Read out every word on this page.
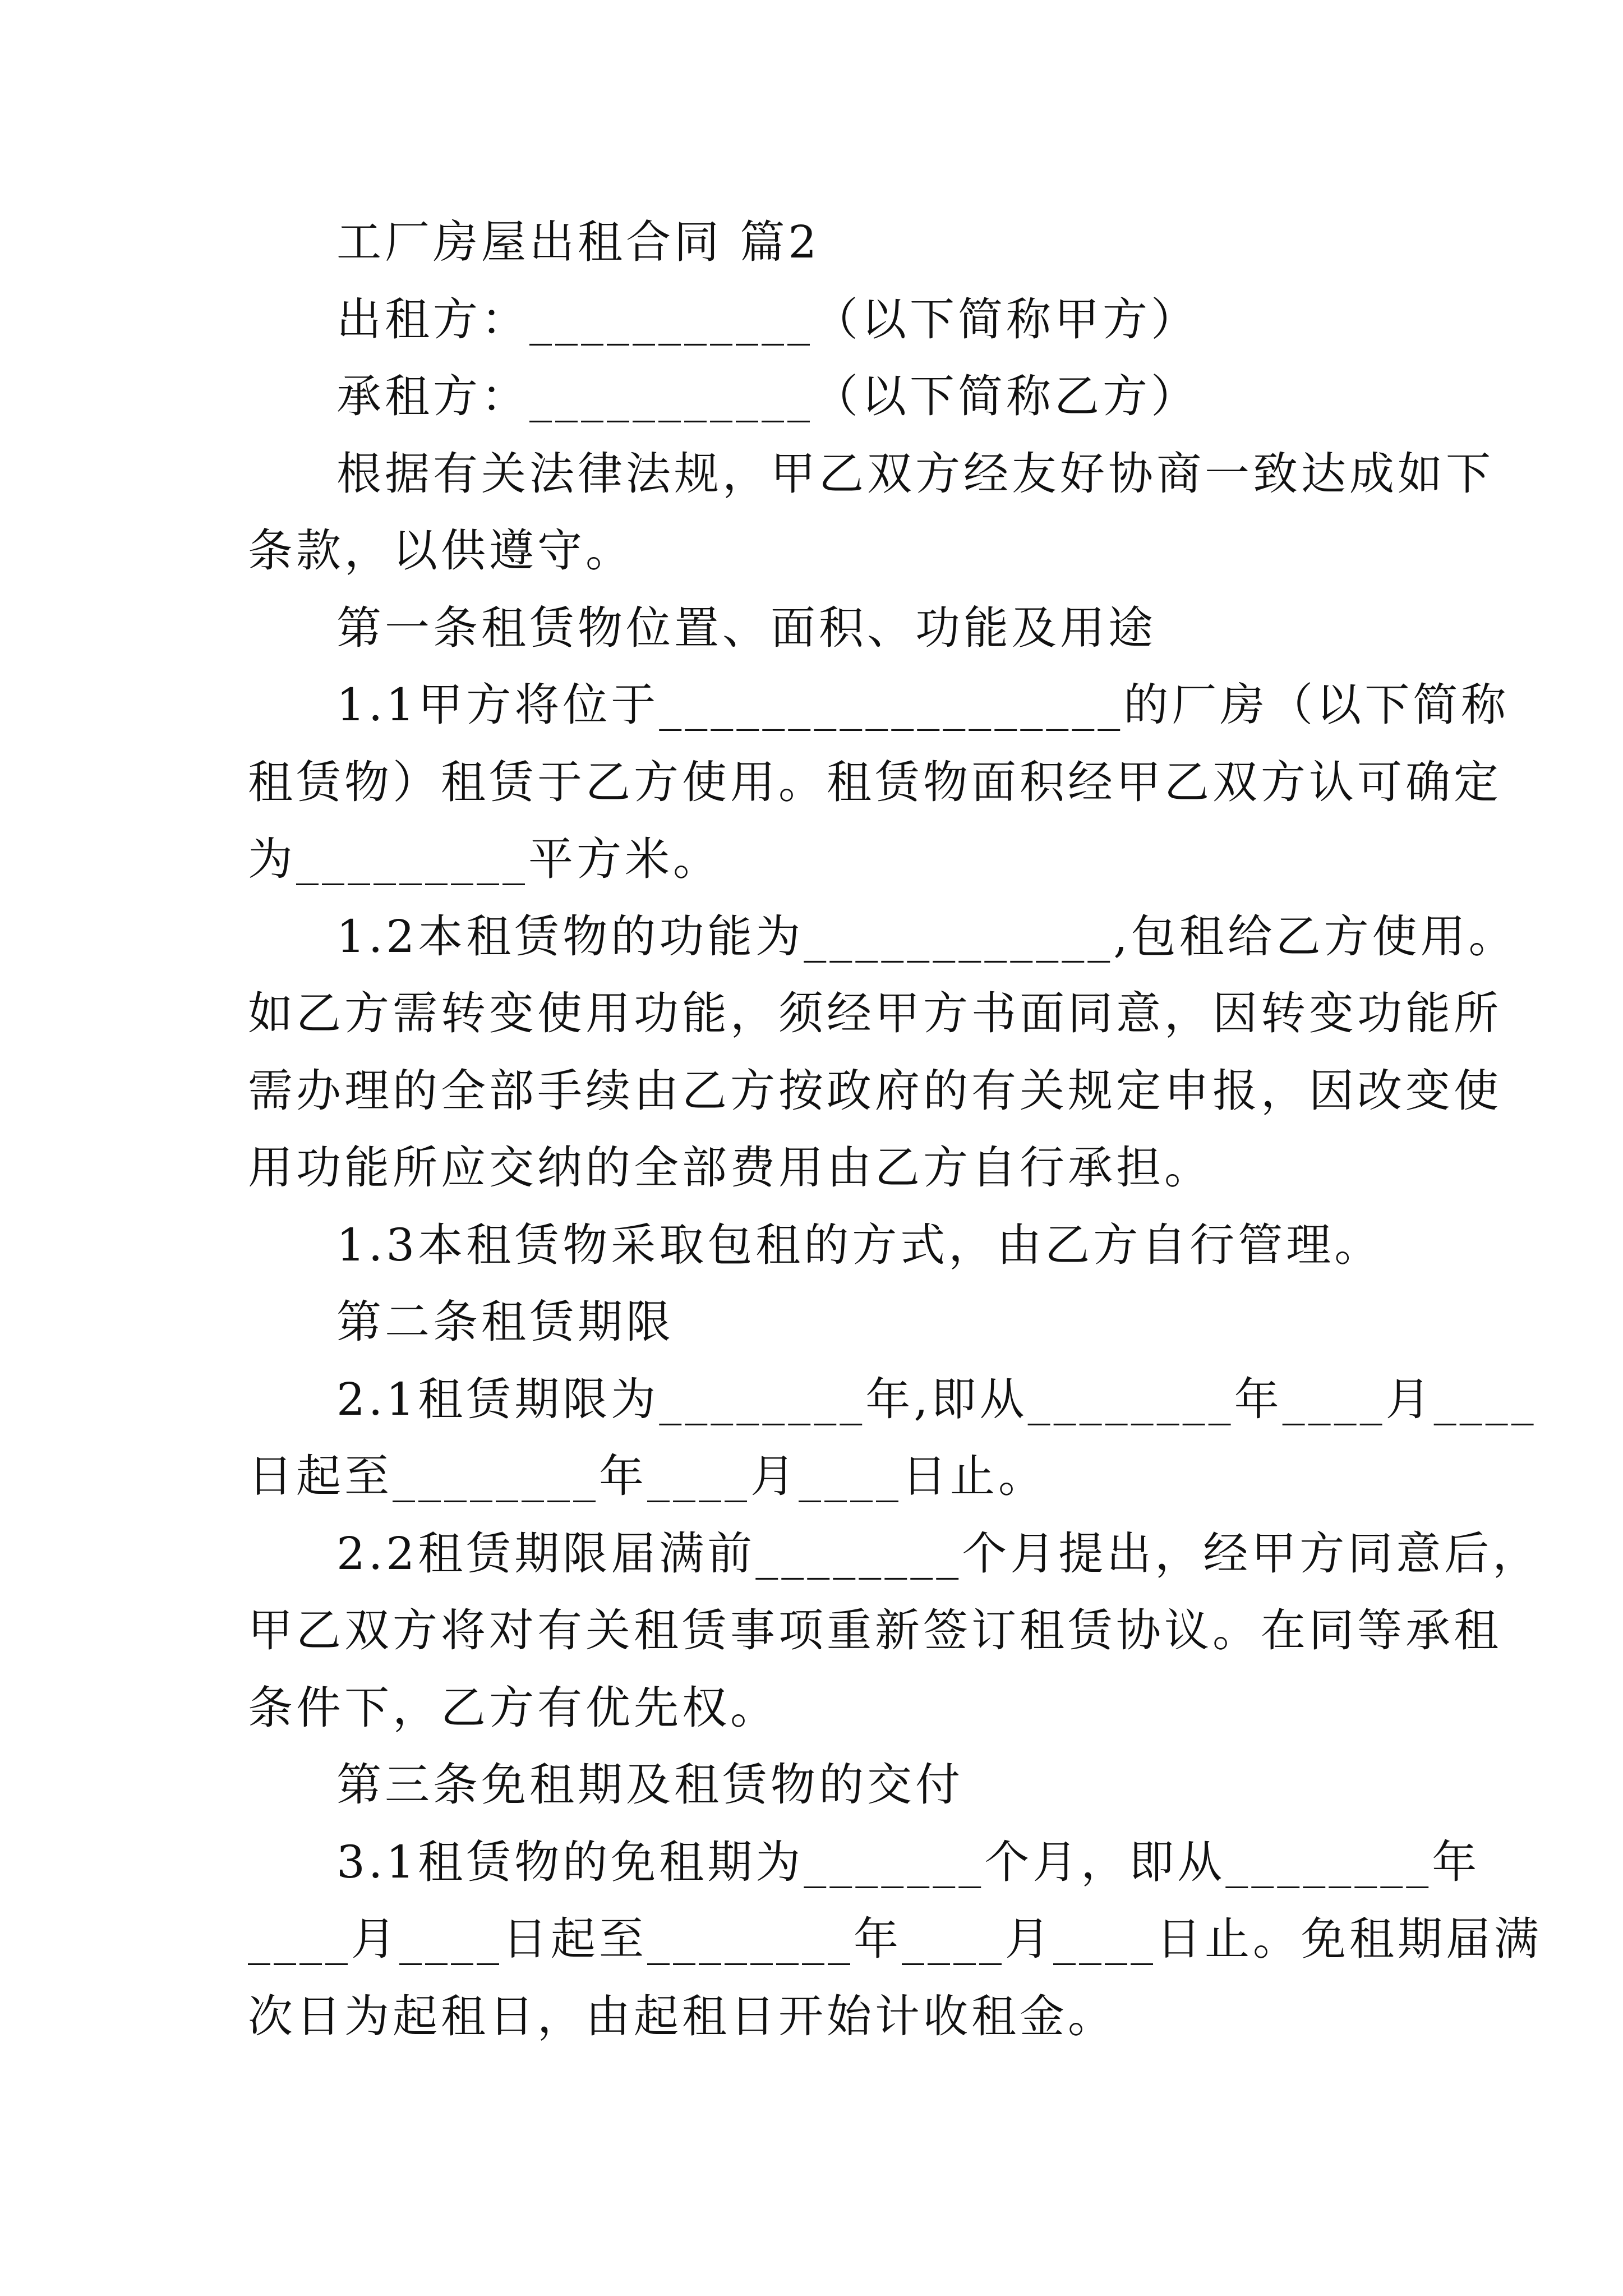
工厂房屋出租合同 篇2
出租方：___________（以下简称甲方）
承租方：___________（以下简称乙方）
根据有关法律法规，甲乙双方经友好协商一致达成如下
条款，以供遵守。
第一条租赁物位置、面积、功能及用途
1.1甲方将位于__________________的厂房（以下简称
租赁物）租赁于乙方使用。租赁物面积经甲乙双方认可确定
为_________平方米。
1.2本租赁物的功能为____________,包租给乙方使用。
如乙方需转变使用功能，须经甲方书面同意，因转变功能所
需办理的全部手续由乙方按政府的有关规定申报，因改变使
用功能所应交纳的全部费用由乙方自行承担。
1.3本租赁物采取包租的方式，由乙方自行管理。
第二条租赁期限
2.1租赁期限为________年,即从________年____月____
日起至________年____月____日止。
2.2租赁期限届满前________个月提出，经甲方同意后，
甲乙双方将对有关租赁事项重新签订租赁协议。在同等承租
条件下，乙方有优先权。
第三条免租期及租赁物的交付
3.1租赁物的免租期为_______个月，即从________年
____月____日起至________年____月____日止。免租期届满
次日为起租日，由起租日开始计收租金。
